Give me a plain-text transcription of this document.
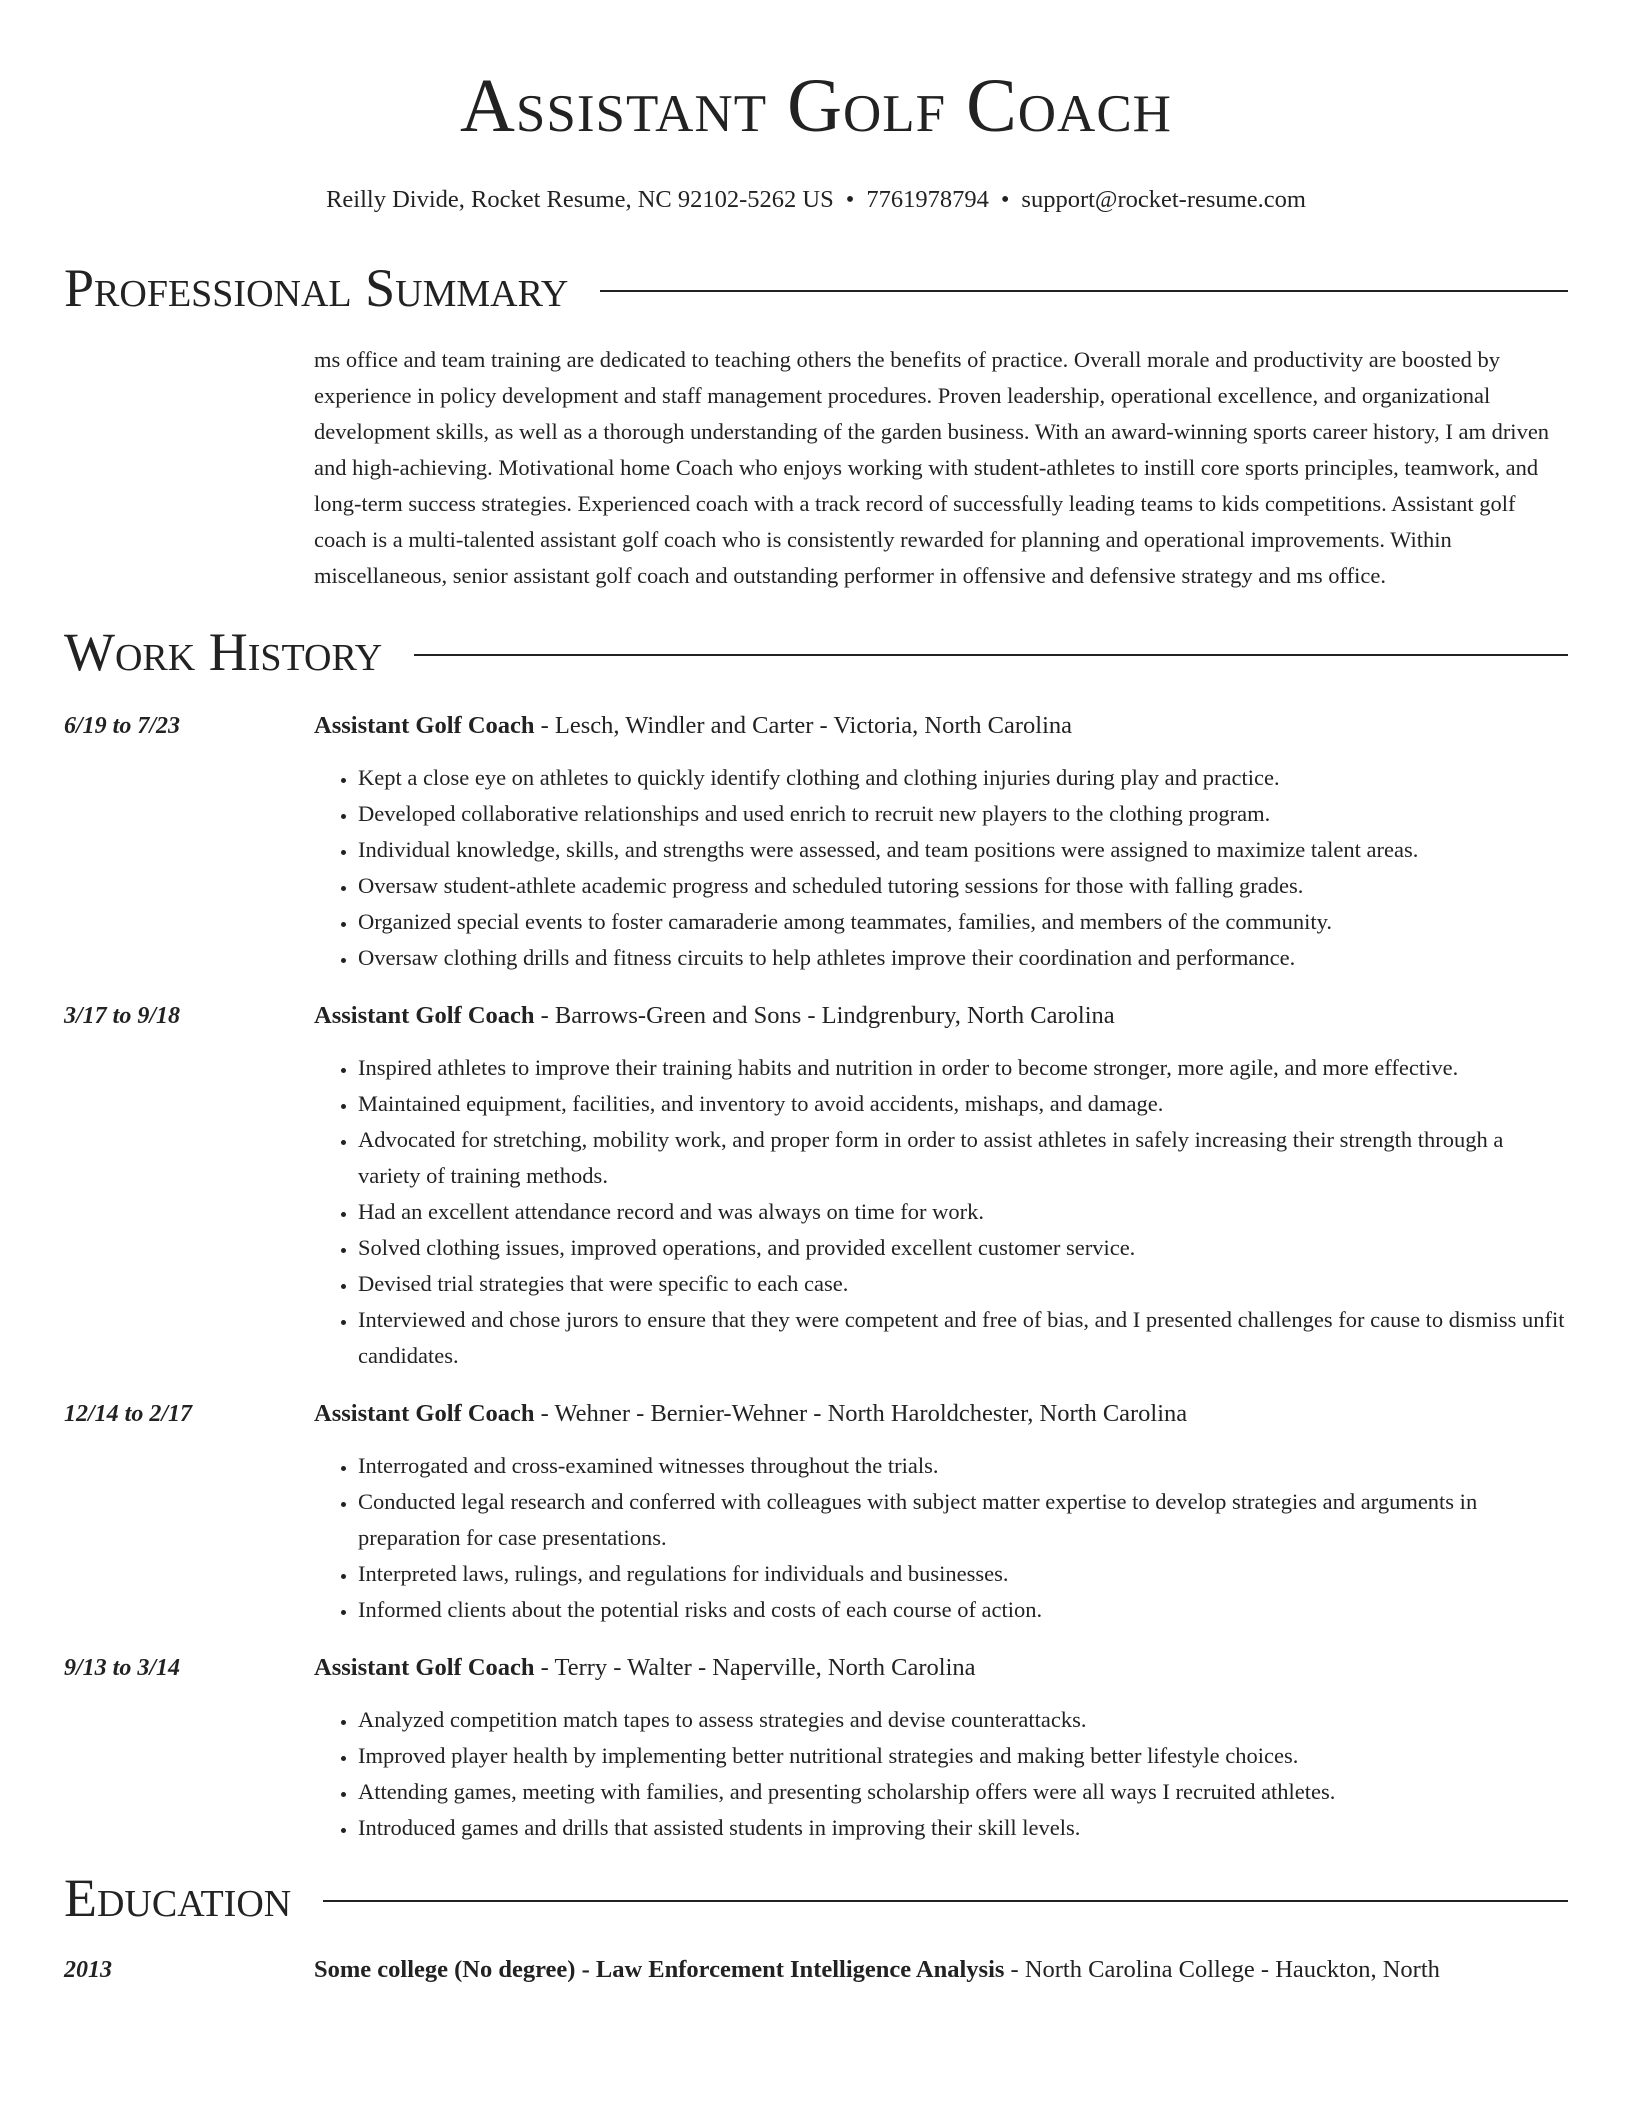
Assistant Golf Coach
Reilly Divide, Rocket Resume, NC 92102-5262 US • 7761978794 • support@rocket-resume.com
Professional Summary
ms office and team training are dedicated to teaching others the benefits of practice. Overall morale and productivity are boosted by experience in policy development and staff management procedures. Proven leadership, operational excellence, and organizational development skills, as well as a thorough understanding of the garden business. With an award-winning sports career history, I am driven and high-achieving. Motivational home Coach who enjoys working with student-athletes to instill core sports principles, teamwork, and long-term success strategies. Experienced coach with a track record of successfully leading teams to kids competitions. Assistant golf coach is a multi-talented assistant golf coach who is consistently rewarded for planning and operational improvements. Within miscellaneous, senior assistant golf coach and outstanding performer in offensive and defensive strategy and ms office.
Work History
6/19 to 7/23	Assistant Golf Coach - Lesch, Windler and Carter - Victoria, North Carolina
• Kept a close eye on athletes to quickly identify clothing and clothing injuries during play and practice.
• Developed collaborative relationships and used enrich to recruit new players to the clothing program.
• Individual knowledge, skills, and strengths were assessed, and team positions were assigned to maximize talent areas.
• Oversaw student-athlete academic progress and scheduled tutoring sessions for those with falling grades.
• Organized special events to foster camaraderie among teammates, families, and members of the community.
• Oversaw clothing drills and fitness circuits to help athletes improve their coordination and performance.
3/17 to 9/18	Assistant Golf Coach - Barrows-Green and Sons - Lindgrenbury, North Carolina
• Inspired athletes to improve their training habits and nutrition in order to become stronger, more agile, and more effective.
• Maintained equipment, facilities, and inventory to avoid accidents, mishaps, and damage.
• Advocated for stretching, mobility work, and proper form in order to assist athletes in safely increasing their strength through a variety of training methods.
• Had an excellent attendance record and was always on time for work.
• Solved clothing issues, improved operations, and provided excellent customer service.
• Devised trial strategies that were specific to each case.
• Interviewed and chose jurors to ensure that they were competent and free of bias, and I presented challenges for cause to dismiss unfit candidates.
12/14 to 2/17	Assistant Golf Coach - Wehner - Bernier-Wehner - North Haroldchester, North Carolina
• Interrogated and cross-examined witnesses throughout the trials.
• Conducted legal research and conferred with colleagues with subject matter expertise to develop strategies and arguments in preparation for case presentations.
• Interpreted laws, rulings, and regulations for individuals and businesses.
• Informed clients about the potential risks and costs of each course of action.
9/13 to 3/14	Assistant Golf Coach - Terry - Walter - Naperville, North Carolina
• Analyzed competition match tapes to assess strategies and devise counterattacks.
• Improved player health by implementing better nutritional strategies and making better lifestyle choices.
• Attending games, meeting with families, and presenting scholarship offers were all ways I recruited athletes.
• Introduced games and drills that assisted students in improving their skill levels.
Education
2013	Some college (No degree) - Law Enforcement Intelligence Analysis - North Carolina College - Hauckton, North
